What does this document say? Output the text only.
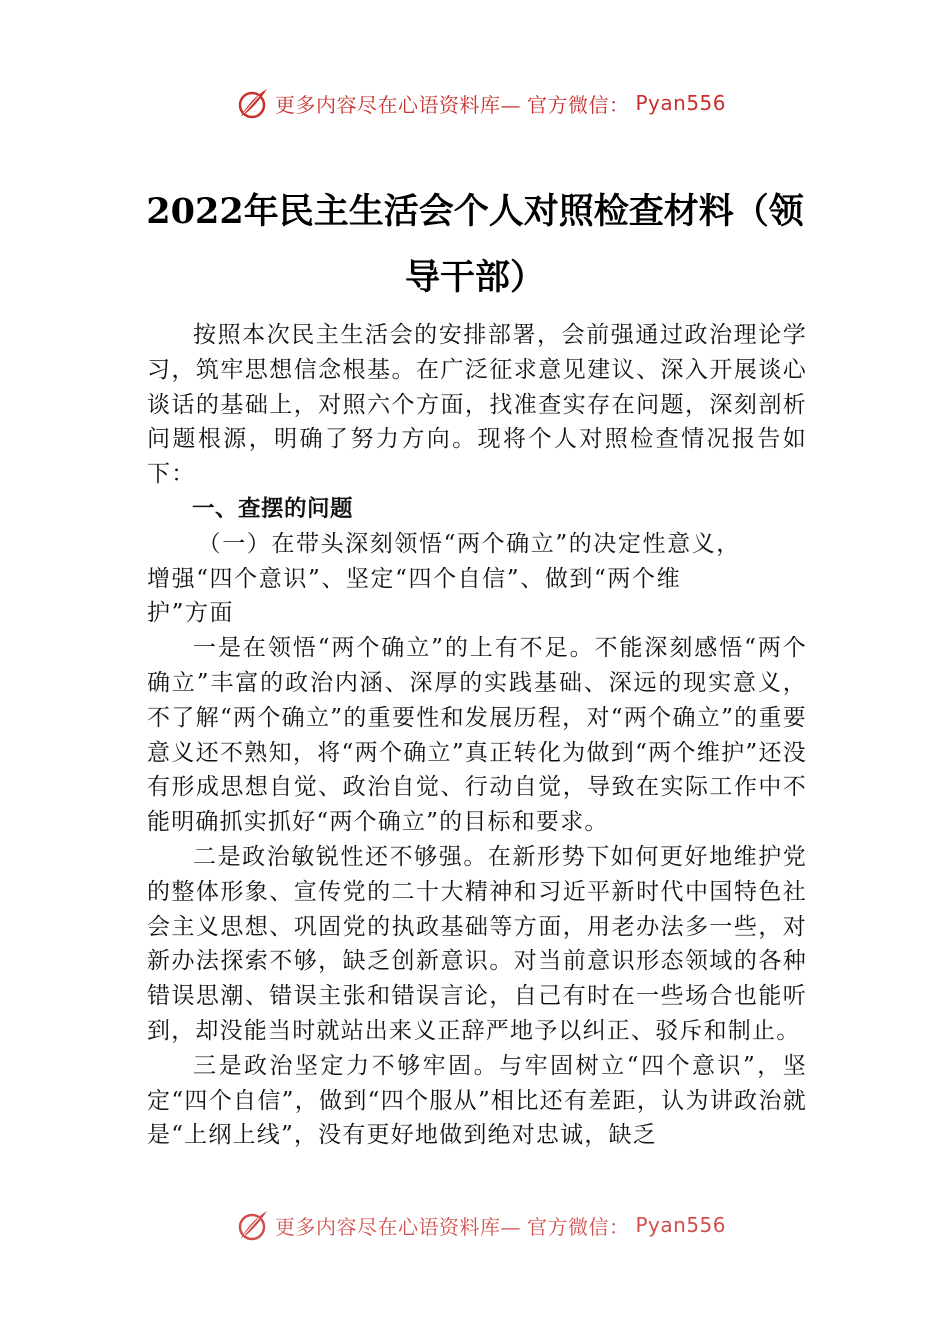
更多内容尽在心语资料库— 官方微信： Pyan556
2022年民主生活会个人对照检查材料（领
导干部）

按照本次民主生活会的安排部署，会前强通过政治理论学习，筑牢思想信念根基。在广泛征求意见建议、深入开展谈心谈话的基础上，对照六个方面，找准查实存在问题，深刻剖析问题根源，明确了努力方向。现将个人对照检查情况报告如下：

一、查摆的问题

（一）在带头深刻领悟“两个确立”的决定性意义，
增强“四个意识”、坚定“四个自信”、做到“两个维
护”方面

一是在领悟“两个确立”的上有不足。不能深刻感悟“两个确立”丰富的政治内涵、深厚的实践基础、深远的现实意义，不了解“两个确立”的重要性和发展历程，对“两个确立”的重要意义还不熟知，将“两个确立”真正转化为做到“两个维护”还没有形成思想自觉、政治自觉、行动自觉，导致在实际工作中不能明确抓实抓好“两个确立”的目标和要求。

二是政治敏锐性还不够强。在新形势下如何更好地维护党的整体形象、宣传党的二十大精神和习近平新时代中国特色社会主义思想、巩固党的执政基础等方面，用老办法多一些，对新办法探索不够，缺乏创新意识。对当前意识形态领域的各种错误思潮、错误主张和错误言论，自己有时在一些场合也能听到，却没能当时就站出来义正辞严地予以纠正、驳斥和制止。

三是政治坚定力不够牢固。与牢固树立“四个意识”，坚定“四个自信”，做到“四个服从”相比还有差距，认为讲政治就是“上纲上线”，没有更好地做到绝对忠诚，缺乏

更多内容尽在心语资料库— 官方微信： Pyan556
